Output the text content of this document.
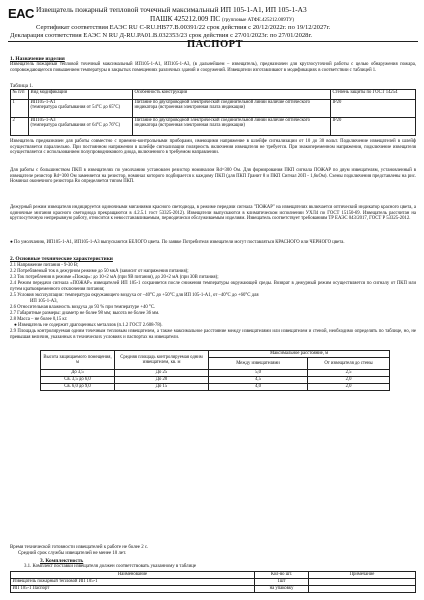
EAC Извещатель пожарный тепловой точечный максимальный ИП 105-1-А1, ИП 105-1-А3
ПАШК 425212.009 ПС (групповые АТФЕ.425212.009ТУ)
Сертификат соответствия ЕАЭС RU C-RU.НВ77.В.00391/22 срок действия с 20/12/2022г. по 19/12/2027г.
Декларация соответствия ЕАЭС N RU Д-RU.РА01.В.032353/23 срок действия с 27/01/2023г. по 27/01/2028г.
ПАСПОРТ
1. Назначение изделия
Извещатель пожарный тепловой точечный максимальный ИП105-1-А1, ИП105-1-А3, (в дальнейшем – извещатель), предназначен для круглосуточной работы с целью обнаружения пожара, сопровождающегося повышением температуры в закрытых помещениях различных зданий и сооружений. Извещатели изготавливают в модификациях в соответствии с таблицей 1.
Таблица 1.
№ п/п	Вид модификации	Особенность конструкции	Степень защиты по ГОСТ 14254
1	ИП105-1-А1
(температура срабатывания от 54°С до 65°С)	Питание по двухпроводной электрической соединительной линии наличие оптического индикатора (встроенная электронная плата индикации)	IP20
2	ИП105-1-А3
(температура срабатывания от 64°С до 76°С)	Питание по двухпроводной электрической соединительной линии наличие оптического индикатора (встроенная электронная плата индикации)	IP20
Извещатель предназначен для работы совместно с приемно-контрольными приборами, имеющими напряжение в шлейфе сигнализации от 10 до 30 вольт. Подключение извещателей в шлейф осуществляется параллельно. При постоянном напряжении в шлейфе сигнализации полярность включения извещателя не требуется. При знакопеременном напряжении, подключение извещателя осуществляется с использованием полупроводникового диода, включенного в требуемом направлении.
Для работы с большинством ПКП в извещателях по умолчанию установлен резистор номиналом Rd=300 Ом. Для формирования ПКП сигнала ПОЖАР по двум извещателям, установленный в извещателе резистор Rd=300 Ом заменяется на резистор, номинал которого подбирается к каждому ПКП (для ПКП Гранит 8 и ПКП Сигнал 20П - 1,6кОм). Схемы подключения представлены на рис. Номинал оконечного резистора Ro определяется типом ПКП.
Дежурный режим извещателя индицируется одиночными миганиями красного светодиода, в режиме передачи сигнала "ПОЖАР" на извещателях включается оптический индикатор красного цвета, а одиночные мигания красного светодиода прекращаются в 4.2.5.1 гост 53325-2012). Извещатели выпускаются в климатическом исполнении УХЛ4 по ГОСТ 15150-69. Извещатель рассчитан на круглосуточную непрерывную работу, относится к невосстанавливаемым, периодически обслуживаемым изделиям. Извещатель соответствует требованиям ТР ЕАЭС 043/2017, ГОСТ Р 53325-2012.
● По умолчанию, ИП105-1-А1, ИП105-1-А3 выпускаются БЕЛОГО цвета. По заявке Потребителя извещатели могут поставляться КРАСНОГО или ЧЕРНОГО цвета.
2. Основные технические характеристики
2.1 Напряжение питания - 9-30 В;
2.2 Потребляемый ток в дежурном режиме до 50 мкА (зависит от напряжения питания);
2.3 Ток потребления в режиме «Пожар»: до 10+2 мА (при 9В питания), до 20+2 мА (при 30В питания);
2.4 Режим передачи сигнала «ПОЖАР» извещателей ИП 105-1 сохраняется после снижения температуры окружающей среды. Возврат в дежурный режим осуществляется по сигналу от ПКП или путем кратковременного отключения питания;
2.5 Условия эксплуатации: температура окружающего воздуха от –40°С до +50°С для ИП 105-1-А1, от –40°С до +60°С для
ИП 105-1-А3,
2.6 Относительная влажность воздуха до 93 % при температуре +40 °С.
2.7 Габаритные размеры: диаметр не более 98 мм; высота не более 36 мм.
2.8 Масса – не более 0,15 кг.
● Извещатель не содержит драгоценных металлов (п.1.2 ГОСТ 2.608-78).
2.9 Площадь контролируемая одним точечным тепловым извещателем, а также максимальное расстояние между извещателями или извещателем и стеной, необходимо определять по таблице, но, не превышая величин, указанных в технических условиях и паспортах на извещатели.
Высота защищаемого помещения, м	Средняя площадь контролируемая одним извещателем, кв. м	Максимальное расстояние, м	
		Между извещателями	От извещателя до стены
До 3,5	До 25	5,0	2,5
Св. 3,5 до 6,0	До 20	4,5	2,0
Св. 6,0 до 9,0	До 15	4,0	2,0
Время технической готовности извещателей к работе не более 2 с.
Средний срок службы извещателей не менее 10 лет.
3. Комплектность
3.1. Комплект поставки извещателя должен соответствовать указанному в таблице
Наименование	Кол-во шт.	Примечание
Извещатель пожарный тепловой ИП 105-1	1шт	
ИП 105-1 Паспорт	на упаковку	
